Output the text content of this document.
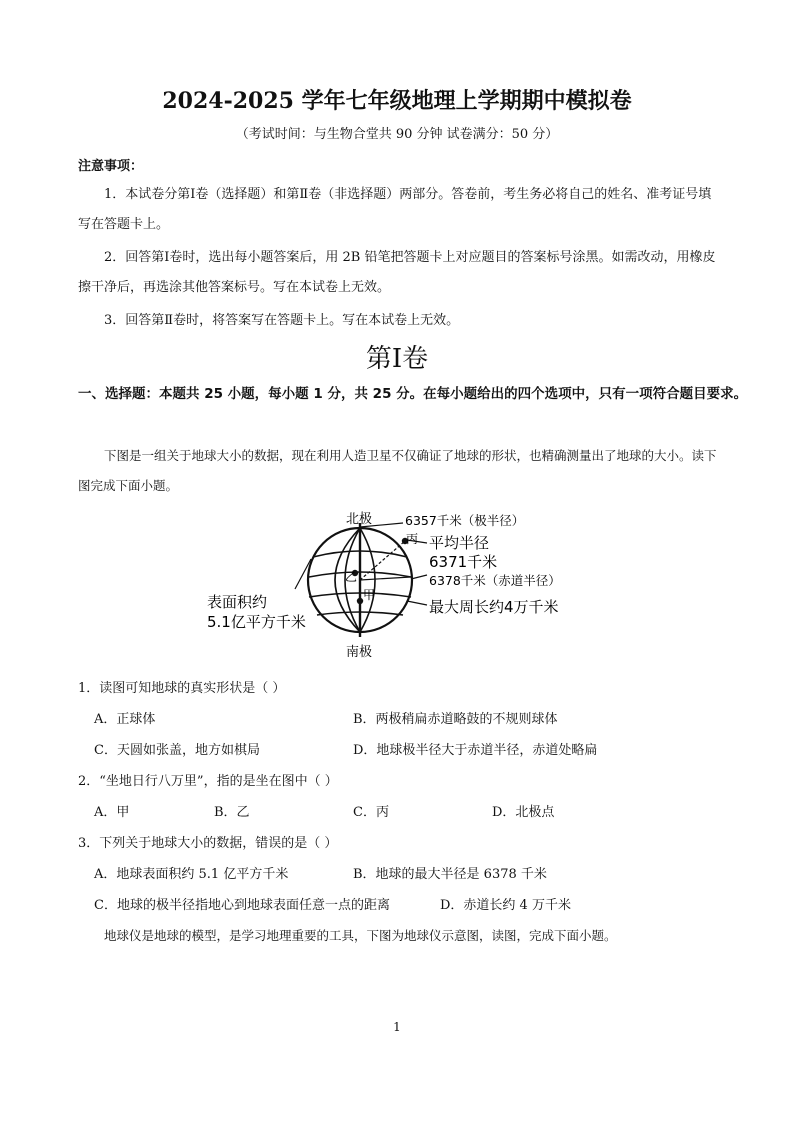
2024-2025 学年七年级地理上学期期中模拟卷
（考试时间：与生物合堂共 90 分钟 试卷满分：50 分）
注意事项：
1．本试卷分第Ⅰ卷（选择题）和第Ⅱ卷（非选择题）两部分。答卷前，考生务必将自己的姓名、准考证号填写在答题卡上。
2．回答第Ⅰ卷时，选出每小题答案后，用 2B 铅笔把答题卡上对应题目的答案标号涂黑。如需改动，用橡皮擦干净后，再选涂其他答案标号。写在本试卷上无效。
3．回答第Ⅱ卷时，将答案写在答题卡上。写在本试卷上无效。
第Ⅰ卷
一、选择题：本题共 25 小题，每小题 1 分，共 25 分。在每小题给出的四个选项中，只有一项符合题目要求。
下图是一组关于地球大小的数据，现在利用人造卫星不仅确证了地球的形状，也精确测量出了地球的大小。读下图完成下面小题。
北极
南极
6357千米（极半径）
丙 平均半径
6371千米
6378千米（赤道半径）
乙
甲
最大周长约4万千米
表面积约
5.1亿平方千米
1．读图可知地球的真实形状是（ ）
A．正球体	B．两极稍扁赤道略鼓的不规则球体
C．天圆如张盖，地方如棋局	D．地球极半径大于赤道半径，赤道处略扁
2．“坐地日行八万里”，指的是坐在图中（ ）
A．甲	B．乙	C．丙	D．北极点
3．下列关于地球大小的数据，错误的是（ ）
A．地球表面积约 5.1 亿平方千米	B．地球的最大半径是 6378 千米
C．地球的极半径指地心到地球表面任意一点的距离	D．赤道长约 4 万千米
地球仪是地球的模型，是学习地理重要的工具，下图为地球仪示意图，读图，完成下面小题。
1
